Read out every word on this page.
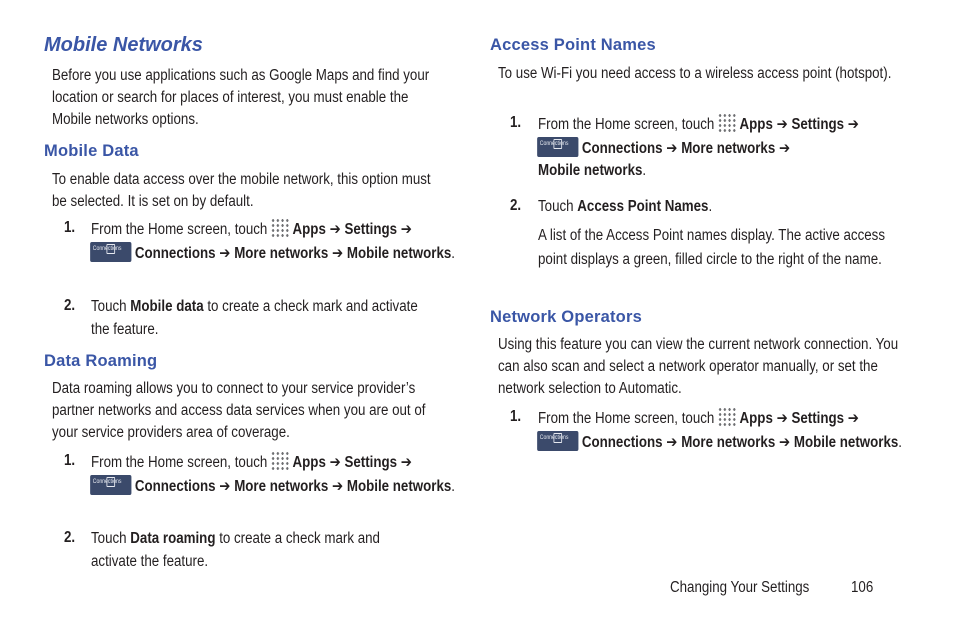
Mobile Networks

Before you use applications such as Google Maps and find your location or search for places of interest, you must enable the Mobile networks options.

Mobile Data

To enable data access over the mobile network, this option must be selected. It is set on by default.

1. From the Home screen, touch Apps ➔ Settings ➔

Connections Connections ➔ More networks ➔ Mobile networks.
2. Touch Mobile data to create a check mark and activate the feature.
Data Roaming

Data roaming allows you to connect to your service provider’s partner networks and access data services when you are out of your service providers area of coverage.

1. From the Home screen, touch Apps ➔ Settings ➔

Connections Connections ➔ More networks ➔ Mobile networks.
2. Touch Data roaming to create a check mark and activate the feature.
Access Point Names

To use Wi-Fi you need access to a wireless access point (hotspot).

1. From the Home screen, touch Apps ➔ Settings ➔

Connections Connections ➔ More networks ➔
Mobile networks.
2. Touch Access Point Names.

A list of the Access Point names display. The active access point displays a green, filled circle to the right of the name.

Network Operators

Using this feature you can view the current network connection. You can also scan and select a network operator manually, or set the network selection to Automatic.

1. From the Home screen, touch Apps ➔ Settings ➔

Connections Connections ➔ More networks ➔ Mobile networks.
Changing Your Settings	106
